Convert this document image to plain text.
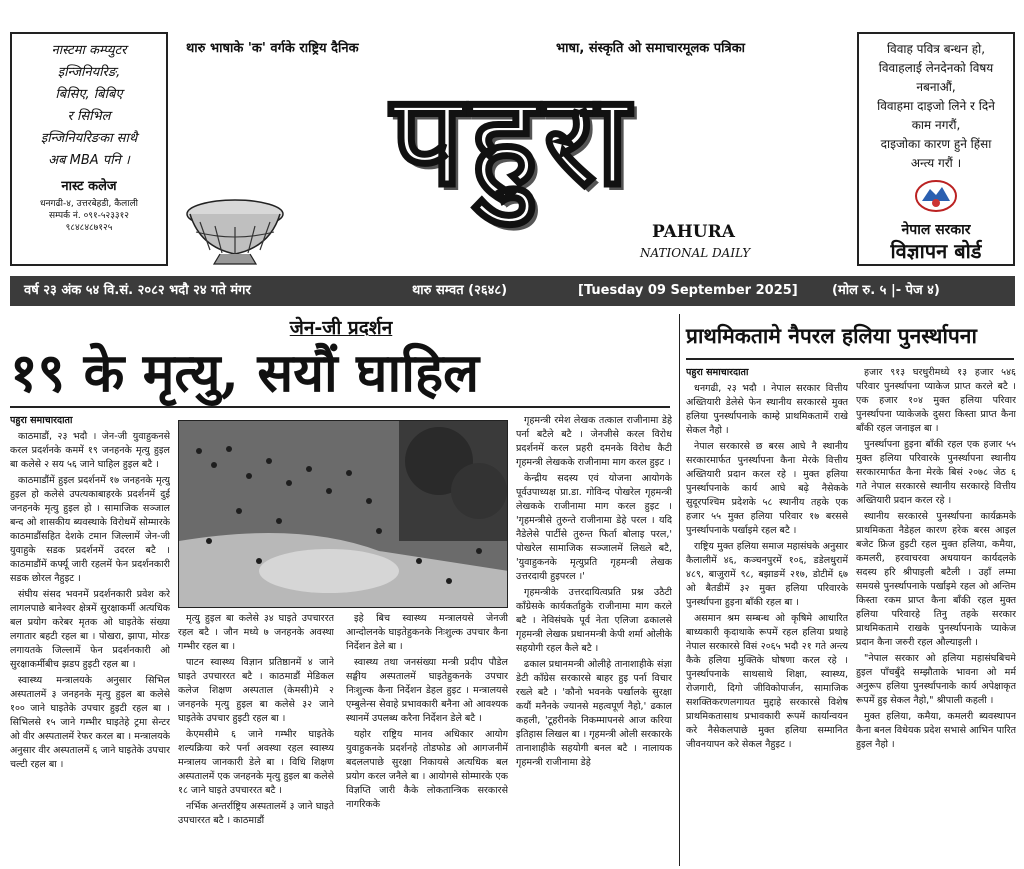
नास्टमा कम्प्युटर
इन्जिनियरिङ,
बिसिए, बिबिए
र सिभिल
इन्जिनियरिङका साथै
अब MBA पनि ।
नास्ट कलेज
धनगढी-४, उत्तरबेहडी, कैलाली
सम्पर्क नं. ०९१-५२३३१२
९८४८४८७१२५
थारु भाषाके 'क' वर्गके राष्ट्रिय दैनिक	भाषा, संस्कृति ओ समाचारमूलक पत्रिका
पहुरा
PAHURA
NATIONAL DAILY
विवाह पवित्र बन्धन हो,
विवाहलाई लेनदेनको विषय
नबनाऔं,
विवाहमा दाइजो लिने र दिने
काम नगरौं,
दाइजोका कारण हुने हिंसा
अन्त्य गरौं ।
नेपाल सरकार
विज्ञापन बोर्ड
वर्ष २३ अंक ५४ वि.सं. २०८२ भदौ २४ गते मंगर	थारु सम्वत (२६४८)	[Tuesday 09 September 2025]	(मोल रु. ५ |- पेज ४)
जेन-जी प्रदर्शन
१९ के मृत्यु, सयौं घाहिल

पहुरा समाचारदाता

काठमाडौं, २३ भदौ । जेन-जी युवाहुकनसे करल प्रदर्शनके कममें १९ जनहनके मृत्यु हुइल बा कलेसे २ सय ५६ जाने घाहिल हुइल बटै ।

काठमाडौंमें हुइल प्रदर्शनमें १७ जनहनके मृत्यु हुइल हो कलेसे उपत्यकाबाहरके प्रदर्शनमें दुई जनहनके मृत्यु हुइल हो । सामाजिक सञ्जाल बन्द ओ शासकीय ब्यवस्थाके विरोधमें सोम्मारके काठमाडौंसहित देशके टमान जिल्लामें जेन-जी युवाहुके सडक प्रदर्शनमें उदरल बटै । काठमाडौंमें कर्फ्यू जारी रहलमें फेन प्रदर्शनकारी सडक छोरल नैहुइट ।

संघीय संसद भवनमें प्रदर्शनकारी प्रवेश करे लागलपाछे बानेश्वर क्षेत्रमें सुरक्षाकर्मी अत्यधिक बल प्रयोग करेबर मृतक ओ घाइतेके संख्या लगातार बहटी रहल बा । पोखरा, झापा, मोरङ लगायतके जिल्लामें फेन प्रदर्शनकारी ओ सुरक्षाकर्मीबीच झडप हुइटी रहल बा ।

स्वास्थ्य मन्त्रालयके अनुसार सिभिल अस्पतालमें ३ जनहनके मृत्यु हुइल बा कलेसे १०० जाने घाइतेके उपचार हुइटी रहल बा । सिभिलसे १५ जाने गम्भीर घाइतेहे ट्रमा सेन्टर ओ वीर अस्पतालमें रेफर करल बा । मन्त्रालयके अनुसार वीर अस्पतालमें ६ जाने घाइतेके उपचार चल्टी रहल बा ।

मृत्यु हुइल बा कलेसे ३४ घाइते उपचाररत रहल बटै । जौन मध्ये ७ जनहनके अवस्था गम्भीर रहल बा ।

पाटन स्वास्थ्य विज्ञान प्रतिष्ठानमें ४ जाने घाइते उपचाररत बटै । काठमाडौं मेडिकल कलेज शिक्षण अस्पताल (केमसी)मे २ जनहनके मृत्यु हुइल बा कलेसे ३२ जाने घाइतेके उपचार हुइटी रहल बा ।

केएमसीमे ६ जाने गम्भीर घाइतेके शल्यक्रिया करे पर्ना अवस्था रहल स्वास्थ्य मन्त्रालय जानकारी डेले बा । विधि शिक्षण अस्पतालमें एक जनहनके मृत्यु हुइल बा कलेसे १८ जाने घाइते उपचाररत बटै ।

नर्भिक अन्तर्राष्ट्रिय अस्पतालमें ३ जाने घाइते उपचाररत बटै । काठमाडौं

इहे बिच स्वास्थ्य मन्त्रालयसे जेनजी आन्दोलनके घाइतेहुकनके निःशुल्क उपचार कैना निर्देशन डेले बा ।

स्वास्थ्य तथा जनसंख्या मन्त्री प्रदीप पौडेल सङ्घीय अस्पतालमें घाइतेहुकनके उपचार निःशुल्क कैना निर्देशन डेहल हुइट । मन्त्रालयसे एम्बुलेन्स सेवाहे प्रभावकारी बनैना ओ आवश्यक स्थानमें उपलब्ध करैना निर्देशन डेले बटै ।

यहोर राष्ट्रिय मानव अधिकार आयोग युवाहुकनके प्रदर्शनहे तोडफोड ओ आगजनीमें बदललपाछे सुरक्षा निकायसे अत्यधिक बल प्रयोग करल जनैले बा । आयोगसे सोम्मारके एक विज्ञप्ति जारी कैके लोकतान्त्रिक सरकारसे नागरिकके

गृहमन्त्री रमेश लेखक तत्काल राजीनामा डेहे पर्ना बटैले बटै । जेनजीसे करल विरोध प्रदर्शनमें करल प्रहरी दमनके विरोध कैटी गृहमन्त्री लेखकके राजीनामा माग करल हुइट ।

केन्द्रीय सदस्य एवं योजना आयोगके पूर्वउपाध्यक्ष प्रा.डा. गोविन्द पोखरेल गृहमन्त्री लेखकके राजीनामा माग करल हुइट । 'गृहमन्त्रीसे तुरुन्ते राजीनामा डेहे परल । यदि नैडेलेसे पार्टीसे तुरुन्त फिर्ता बोलाइ परल,' पोखरेल सामाजिक सञ्जालमें लिख्ले बटै, 'युवाहुकनके मृत्युप्रति गृहमन्त्री लेखक उत्तरदायी हुइपरल ।'

गृहमन्त्रीके उत्तरदायित्वप्रति प्रश्न उठैटी काँग्रेसके कार्यकर्ताहुके राजीनामा माग करले बटै । नेविसंघके पूर्व नेता एलिजा ढकालसे गृहमन्त्री लेखक प्रधानमन्त्री केपी शर्मा ओलीके सहयोगी रहल कैले बटै ।

ढकाल प्रधानमन्त्री ओलीहे तानाशाहीके संज्ञा डेटी काँग्रेस सरकारसे बाहर हुइ पर्ना विचार रख्ले बटै । 'कौनो भवनके पर्खालके सुरक्षा कयौं मनैनके ज्यानसे महत्वपूर्ण नैहो,' ढकाल कहली, 'टूहरीनके निकम्मापनसे आज करिया इतिहास लिखल बा । गृहमन्त्री ओली सरकारके तानाशाहीके सहयोगी बनल बटै । नालायक गृहमन्त्री राजीनामा डेहे

प्राथमिकतामे नैपरल हलिया पुनर्स्थापना

पहुरा समाचारदाता

धनगढी, २३ भदौ । नेपाल सरकार वित्तीय अख्तियारी डेलेसे फेन स्थानीय सरकारसे मुक्त हलिया पुनर्स्थापनाके काम्हे प्राथमिकतामें राखे सेकल नैहो ।

नेपाल सरकारसे छ बरस आघे नै स्थानीय सरकारमार्फत पुनर्स्थापना कैना मेरके वित्तीय अख्तियारी प्रदान करल रहे । मुक्त हलिया पुनर्स्थापनाके कार्य आघे बढ़े नैसेकके सुदूरपश्चिम प्रदेशके ५८ स्थानीय तहके एक हजार ५५ मुक्त हलिया परिवार १७ बरससे पुनर्स्थापनाके पर्खाइमे रहल बटै ।

राष्ट्रिय मुक्त हलिया समाज महासंघके अनुसार कैलालीमें ४६, कञ्चनपुरमें १०६, डडेलधुरामें ४८९, बाजुरामें ९८, बझाङमें २१७, डोटीमें ६७ ओ बैतडीमें ३२ मुक्त हलिया परिवारके पुनर्स्थापना हुइना बाँकी रहल बा ।

असमान श्रम सम्बन्ध ओ कृषिमे आधारित बाध्यकारी कृदाथाके रूपमें रहल हलिया प्रथाहे नेपाल सरकारसे विसं २०६५ भदौ २१ गते अन्त्य कैके हलिया मुक्तिके घोषणा करल रहे । पुनर्स्थापनाके साथसाथे शिक्षा, स्वास्थ्य, रोजगारी, दिगो जीविकोपार्जन, सामाजिक सशक्तिकरणलगायत मुद्दाहे सरकारसे विशेष प्राथमिकतासाथ प्रभावकारी रूपमें कार्यान्वयन करे नैसेकलपाछे मुक्त हलिया सम्मानित जीवनयापन करे सेकल नैहुइट ।

हजार ९१३ घरधुरीमध्ये १३ हजार ५४६ परिवार पुनर्स्थापना प्याकेज प्राप्त करले बटै । एक हजार १०४ मुक्त हलिया परिवार पुनर्स्थापना प्याकेजके दुसरा किस्ता प्राप्त कैना बाँकी रहल जनाइल बा ।

पुनर्स्थापना हुइना बाँकी रहल एक हजार ५५ मुक्त हलिया परिवारके पुनर्स्थापना स्थानीय सरकारमार्फत कैना मेरके बिसं २०७८ जेठ ६ गते नेपाल सरकारसे स्थानीय सरकारहे वित्तीय अख्तियारी प्रदान करल रहे ।

स्थानीय सरकारसे पुनर्स्थापना कार्यक्रमके प्राथमिकता नैडेहल कारण हरेक बरस आइल बजेट फ्रिज हुइटी रहल मुक्त हलिया, कमैया, कमलरी, हरवाचरवा अधयायन कार्यदलके सदस्य हरि श्रीपाइली बटैली । उहाँ लम्मा समयसे पुनर्स्थापनाके पर्खाइमे रहल ओ अन्तिम किस्ता रकम प्राप्त कैना बाँकी रहल मुक्त हलिया परिवारहे तिनु तहके सरकार प्राथमिकतामे राखके पुनर्स्थापनाके प्याकेज प्रदान कैना जरुरी रहल औल्याइली ।

"नेपाल सरकार ओ हलिया महासंघबिचमे हुइल पाँचबुँदे सम्झौताके भावना ओ मर्म अनुरूप हलिया पुनर्स्थापनाके कार्य अपेक्षाकृत रूपमें हुइ सेकल नैहो," श्रीपाली कहली ।

मुक्त हलिया, कमैया, कमलरी ब्यवस्थापन कैना बनल विधेयक प्रदेश सभासे आभिन पारित हुइल नैहो ।
